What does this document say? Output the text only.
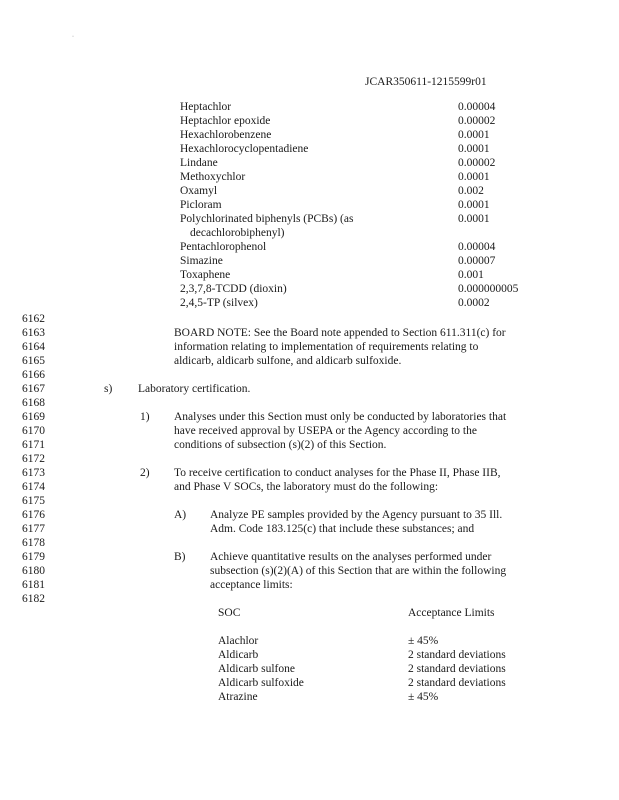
·
JCAR350611-1215599r01
Heptachlor	0.00004
Heptachlor epoxide	0.00002
Hexachlorobenzene	0.0001
Hexachlorocyclopentadiene	0.0001
Lindane	0.00002
Methoxychlor	0.0001
Oxamyl	0.002
Picloram	0.0001
Polychlorinated biphenyls (PCBs) (as	0.0001
decachlorobiphenyl)
Pentachlorophenol	0.00004
Simazine	0.00007
Toxaphene	0.001
2,3,7,8-TCDD (dioxin)	0.000000005
2,4,5-TP (silvex)	0.0002
6162
6163
6164
6165
6166
6167
6168
6169
6170
6171
6172
6173
6174
6175
6176
6177
6178
6179
6180
6181
6182
BOARD NOTE: See the Board note appended to Section 611.311(c) for
information relating to implementation of requirements relating to
aldicarb, aldicarb sulfone, and aldicarb sulfoxide.
s) Laboratory certification.
1) Analyses under this Section must only be conducted by laboratories that
have received approval by USEPA or the Agency according to the
conditions of subsection (s)(2) of this Section.
2) To receive certification to conduct analyses for the Phase II, Phase IIB,
and Phase V SOCs, the laboratory must do the following:
A) Analyze PE samples provided by the Agency pursuant to 35 Ill.
Adm. Code 183.125(c) that include these substances; and
B) Achieve quantitative results on the analyses performed under
subsection (s)(2)(A) of this Section that are within the following
acceptance limits:
SOC	Acceptance Limits
Alachlor	± 45%
Aldicarb	2 standard deviations
Aldicarb sulfone	2 standard deviations
Aldicarb sulfoxide	2 standard deviations
Atrazine	± 45%
